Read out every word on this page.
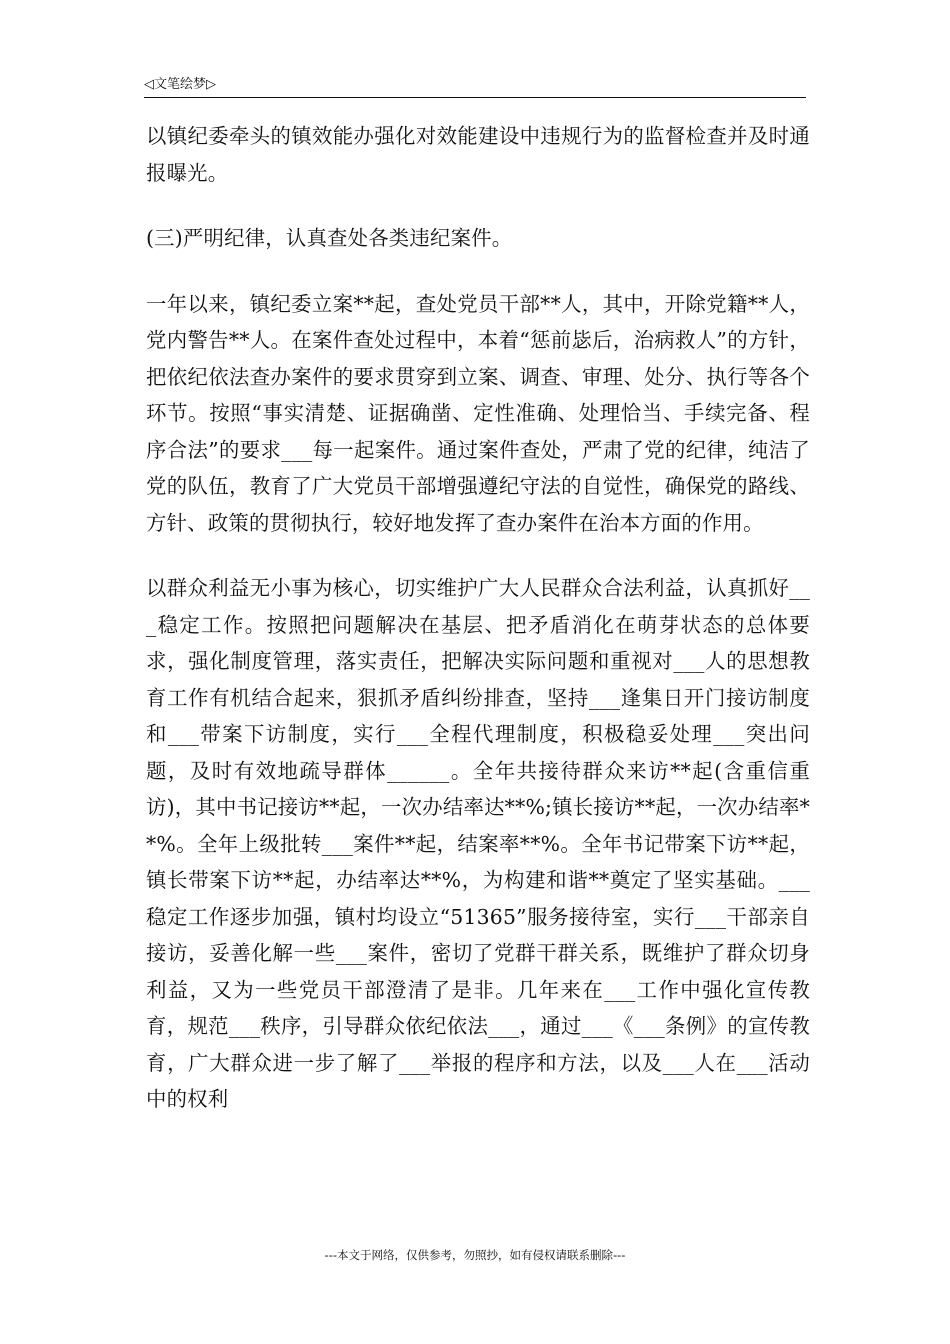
◁文笔绘梦▷

以镇纪委牵头的镇效能办强化对效能建设中违规行为的监督检查并及时通报曝光。

(三)严明纪律，认真查处各类违纪案件。

一年以来，镇纪委立案**起，查处党员干部**人，其中，开除党籍**人，党内警告**人。在案件查处过程中，本着“惩前毖后，治病救人”的方针，把依纪依法查办案件的要求贯穿到立案、调查、审理、处分、执行等各个环节。按照“事实清楚、证据确凿、定性准确、处理恰当、手续完备、程序合法”的要求___每一起案件。通过案件查处，严肃了党的纪律，纯洁了党的队伍，教育了广大党员干部增强遵纪守法的自觉性，确保党的路线、方针、政策的贯彻执行，较好地发挥了查办案件在治本方面的作用。

以群众利益无小事为核心，切实维护广大人民群众合法利益，认真抓好___稳定工作。按照把问题解决在基层、把矛盾消化在萌芽状态的总体要求，强化制度管理，落实责任，把解决实际问题和重视对___人的思想教育工作有机结合起来，狠抓矛盾纠纷排查，坚持___逢集日开门接访制度和___带案下访制度，实行___全程代理制度，积极稳妥处理___突出问题，及时有效地疏导群体______。全年共接待群众来访**起(含重信重访)，其中书记接访**起，一次办结率达**%;镇长接访**起，一次办结率**%。全年上级批转___案件**起，结案率**%。全年书记带案下访**起，镇长带案下访**起，办结率达**%，为构建和谐**奠定了坚实基础。___稳定工作逐步加强，镇村均设立“51365”服务接待室，实行___干部亲自接访，妥善化解一些___案件，密切了党群干群关系，既维护了群众切身利益，又为一些党员干部澄清了是非。几年来在___工作中强化宣传教育，规范___秩序，引导群众依纪依法___，通过___《___条例》的宣传教育，广大群众进一步了解了___举报的程序和方法，以及___人在___活动中的权利

---本文于网络，仅供参考，勿照抄，如有侵权请联系删除---
